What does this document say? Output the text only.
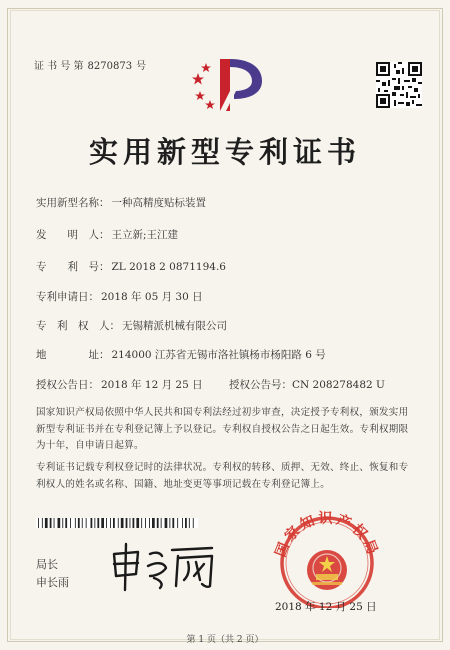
证 书 号 第 8270873 号
实用新型专利证书
实用新型名称： 一种高精度贴标装置
发　　明　人： 王立新;王江建
专　　利　号： ZL 2018 2 0871194.6
专利申请日： 2018 年 05 月 30 日
专　利　权　人： 无锡精派机械有限公司
地　　　　址： 214000 江苏省无锡市洛社镇杨市杨阳路 6 号
授权公告日： 2018 年 12 月 25 日	授权公告号：CN 208278482 U
国家知识产权局依照中华人民共和国专利法经过初步审查，决定授予专利权，颁发实用新型专利证书并在专利登记簿上予以登记。专利权自授权公告之日起生效。专利权期限为十年，自申请日起算。
专利证书记载专利权登记时的法律状况。专利权的转移、质押、无效、终止、恢复和专利权人的姓名或名称、国籍、地址变更等事项记载在专利登记簿上。
局长
申长雨
国家知识产权局
2018 年 12 月 25 日
第 1 页（共 2 页）
